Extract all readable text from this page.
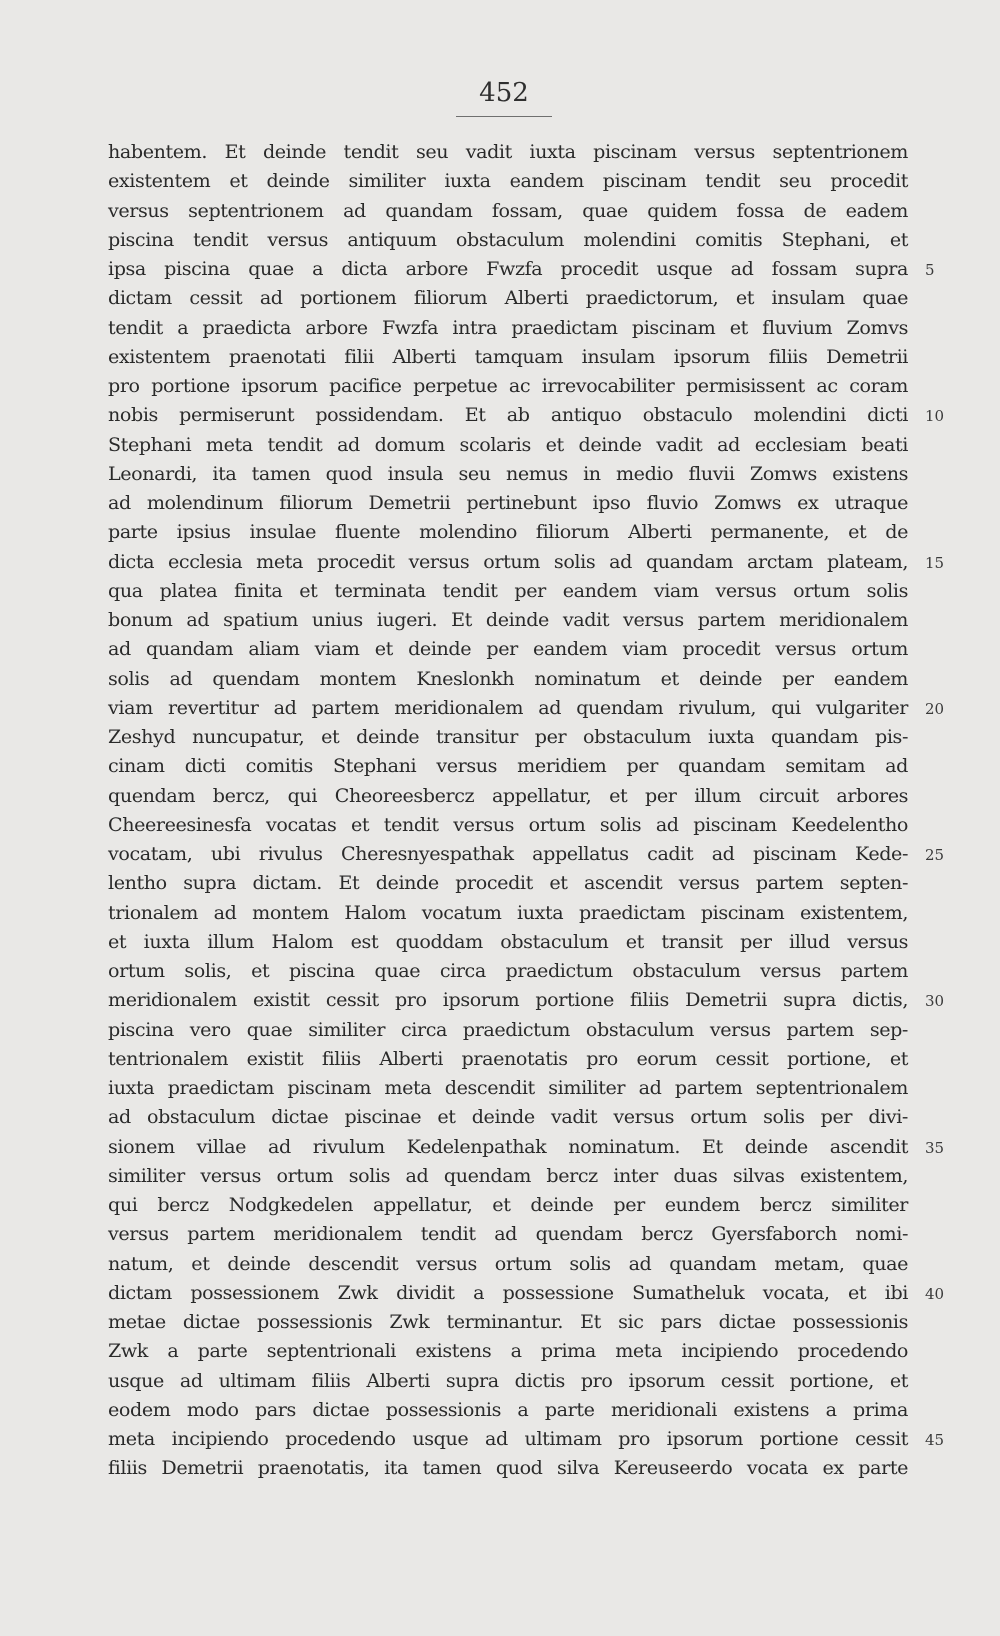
452
habentem. Et deinde tendit seu vadit iuxta piscinam versus septentrionem
existentem et deinde similiter iuxta eandem piscinam tendit seu procedit
versus septentrionem ad quandam fossam, quae quidem fossa de eadem
piscina tendit versus antiquum obstaculum molendini comitis Stephani, et
ipsa piscina quae a dicta arbore Fwzfa procedit usque ad fossam supra
dictam cessit ad portionem filiorum Alberti praedictorum, et insulam quae
tendit a praedicta arbore Fwzfa intra praedictam piscinam et fluvium Zomvs
existentem praenotati filii Alberti tamquam insulam ipsorum filiis Demetrii
pro portione ipsorum pacifice perpetue ac irrevocabiliter permisissent ac coram
nobis permiserunt possidendam. Et ab antiquo obstaculo molendini dicti
Stephani meta tendit ad domum scolaris et deinde vadit ad ecclesiam beati
Leonardi, ita tamen quod insula seu nemus in medio fluvii Zomws existens
ad molendinum filiorum Demetrii pertinebunt ipso fluvio Zomws ex utraque
parte ipsius insulae fluente molendino filiorum Alberti permanente, et de
dicta ecclesia meta procedit versus ortum solis ad quandam arctam plateam,
qua platea finita et terminata tendit per eandem viam versus ortum solis
bonum ad spatium unius iugeri. Et deinde vadit versus partem meridionalem
ad quandam aliam viam et deinde per eandem viam procedit versus ortum
solis ad quendam montem Kneslonkh nominatum et deinde per eandem
viam revertitur ad partem meridionalem ad quendam rivulum, qui vulgariter
Zeshyd nuncupatur, et deinde transitur per obstaculum iuxta quandam pis-
cinam dicti comitis Stephani versus meridiem per quandam semitam ad
quendam bercz, qui Cheoreesbercz appellatur, et per illum circuit arbores
Cheereesinesfa vocatas et tendit versus ortum solis ad piscinam Keedelentho
vocatam, ubi rivulus Cheresnyespathak appellatus cadit ad piscinam Kede-
lentho supra dictam. Et deinde procedit et ascendit versus partem septen-
trionalem ad montem Halom vocatum iuxta praedictam piscinam existentem,
et iuxta illum Halom est quoddam obstaculum et transit per illud versus
ortum solis, et piscina quae circa praedictum obstaculum versus partem
meridionalem existit cessit pro ipsorum portione filiis Demetrii supra dictis,
piscina vero quae similiter circa praedictum obstaculum versus partem sep-
tentrionalem existit filiis Alberti praenotatis pro eorum cessit portione, et
iuxta praedictam piscinam meta descendit similiter ad partem septentrionalem
ad obstaculum dictae piscinae et deinde vadit versus ortum solis per divi-
sionem villae ad rivulum Kedelenpathak nominatum. Et deinde ascendit
similiter versus ortum solis ad quendam bercz inter duas silvas existentem,
qui bercz Nodgkedelen appellatur, et deinde per eundem bercz similiter
versus partem meridionalem tendit ad quendam bercz Gyersfaborch nomi-
natum, et deinde descendit versus ortum solis ad quandam metam, quae
dictam possessionem Zwk dividit a possessione Sumatheluk vocata, et ibi
metae dictae possessionis Zwk terminantur. Et sic pars dictae possessionis
Zwk a parte septentrionali existens a prima meta incipiendo procedendo
usque ad ultimam filiis Alberti supra dictis pro ipsorum cessit portione, et
eodem modo pars dictae possessionis a parte meridionali existens a prima
meta incipiendo procedendo usque ad ultimam pro ipsorum portione cessit
filiis Demetrii praenotatis, ita tamen quod silva Kereuseerdo vocata ex parte
5
10
15
20
25
30
35
40
45
